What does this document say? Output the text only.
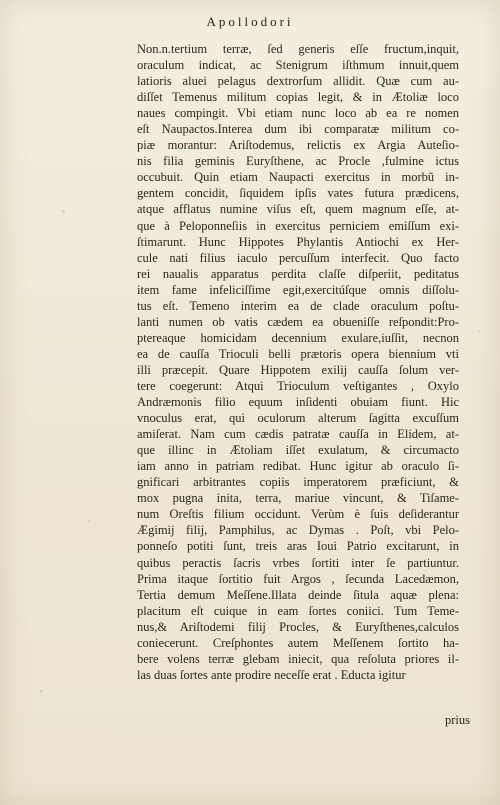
Apollodori
Non.n.tertium terræ, ſed generis eſſe fructum,inquit,
oraculum indicat, ac Stenigrum iſthmum innuit,quem
latioris aluei pelagus dextrorſum allidit. Quæ cum au-
diſſet Temenus militum copias legit, & in Ætoliæ loco
naues compingit. Vbi etiam nunc loco ab ea re nomen
eſt Naupactos.Interea dum ibi comparatæ militum co-
piæ morantur: Ariſtodemus, relictis ex Argia Autеſio-
nis filia geminis Euryſthene, ac Procle ,fulmine ictus
occubuit. Quin etiam Naupacti exercitus in morbũ in-
gentem concidit, ſiquidem ipſis vates futura prædicens,
atque afflatus numine viſus eſt, quem magnum eſſe, at-
que à Peloponneſiis in exercitus perniciem emiſſum exi-
ſtimarunt. Hunc Hippotes Phylantis Antiochi ex Her-
cule nati filius iaculo percuſſum interfecit. Quo facto
rei naualis apparatus perdita claſſe diſperiit, peditatus
item fame infeliciſſime egit,exercitúſque omnis diſſolu-
tus eſt. Temeno interim ea de clade oraculum poſtu-
lanti numen ob vatis cædem ea obueniſſe reſpondit:Pro-
ptereaque homicidam decennium exulare,iuſſit, necnon
ea de cauſſa Trioculi belli prætoris opera biennium vti
illi præcepit. Quare Hippotem exilij cauſſa ſolum ver-
tere coegerunt: Atqui Trioculum veſtigantes , Oxylo
Andræmonis filio equum inſidenti obuiam fiunt. Hic
vnoculus erat, qui oculorum alterum ſagitta excuſſum
amiſerat. Nam cum cædis patratæ cauſſa in Elidem, at-
que illinc in Ætoliam iſſet exulatum, & circumacto
iam anno in patriam redibat. Hunc igitur ab oraculo ſi-
gnificari arbitrantes copiis imperatorem præficiunt, &
mox pugna inita, terra, mariue vincunt, & Tiſame-
num Oreſtis filium occidunt. Verùm è ſuis deſiderantur
Ægimij filij, Pamphilus, ac Dymas . Poſt, vbi Pelo-
ponneſo potiti ſunt, treis aras Ioui Patrio excitarunt, in
quibus peractis ſacris vrbes ſortiti inter ſe partiuntur.
Prima itaque ſortitio fuit Argos , ſecunda Lacedæmon,
Tertia demum Meſſene.Illata deinde ſitula aquæ plena:
placitum eſt cuique in eam ſortes coniici. Tum Teme-
nus,& Ariſtodemi filij Procles, & Euryſthenes,calculos
coniecerunt. Creſphontes autem Meſſenem ſortito ha-
bere volens terræ glebam iniecit, qua reſoluta priores il-
las duas ſortes ante prodire neceſſe erat . Educta igitur
prius
